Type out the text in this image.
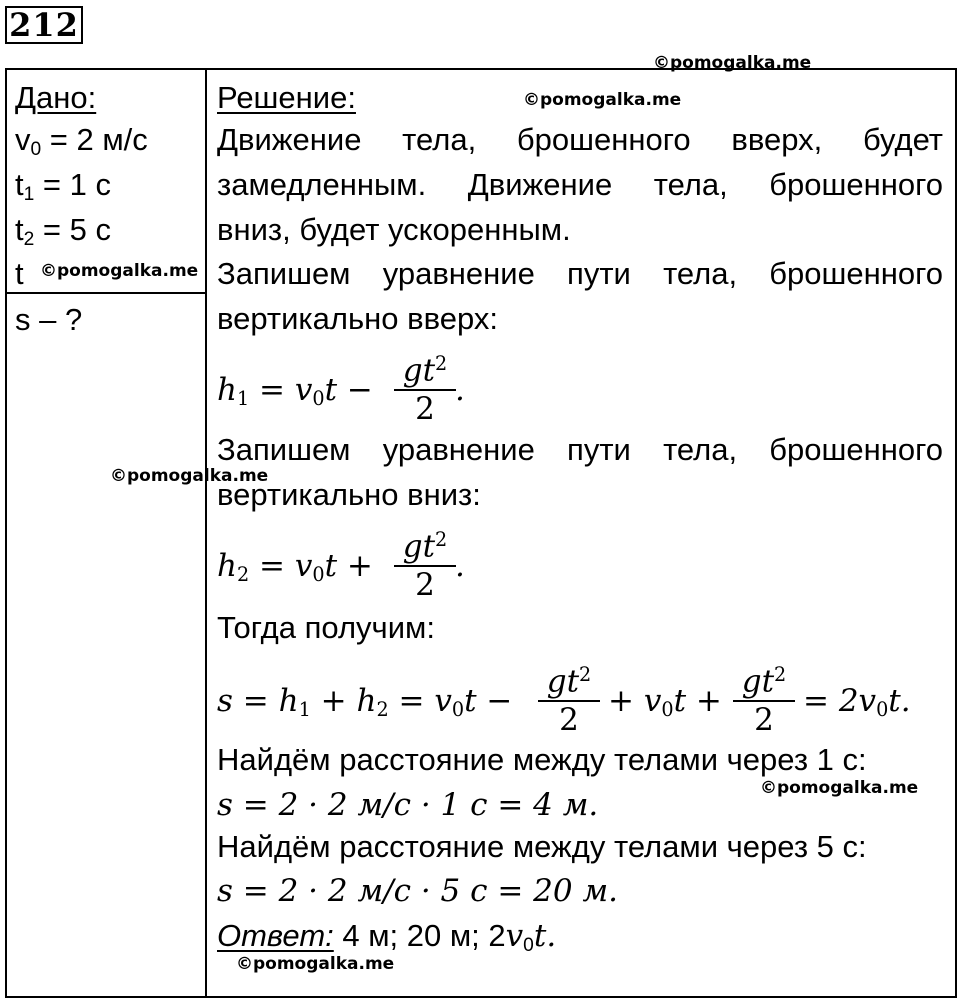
212
Дано:
$v_0 = 2$ м/с
$t_1 = 1$ с
$t_2 = 5$ с
t
s – ?
Решение:
Движение тела, брошенного вверх, будет
замедленным. Движение тела, брошенного
вниз, будет ускоренным.
Запишем уравнение пути тела, брошенного
вертикально вверх:
$h_1 = v_0t$ −
$gt^2$
2
.
Запишем уравнение пути тела, брошенного
вертикально вниз:
$h_2 = v_0t$ +
$gt^2$
2
.
Тогда получим:
$s = h_1 + h_2 = v_0t$ −
$gt^2$
2
+ $v_0t$ +
$gt^2$
2
= $2v_0t$.
Найдём расстояние между телами через 1 с:
s = 2 · 2 м/с · 1 с = 4 м.
Найдём расстояние между телами через 5 с:
s = 2 · 2 м/с · 5 с = 20 м.
Ответ: 4 м; 20 м; $2v_0t$.
©pomogalka.me
©pomogalka.me
©pomogalka.me
©pomogalka.me
©pomogalka.me
©pomogalka.me
